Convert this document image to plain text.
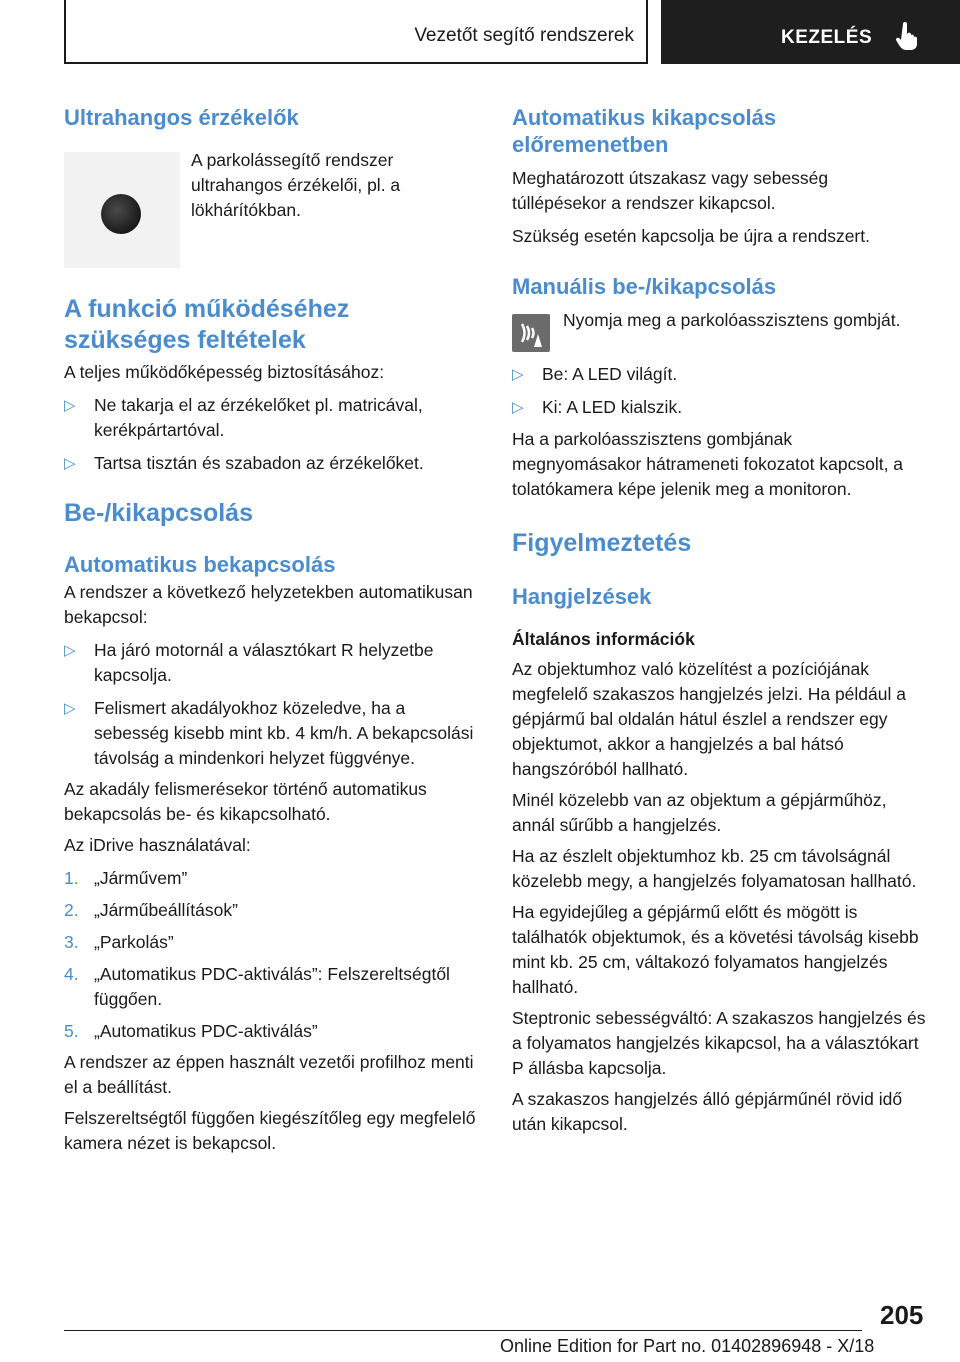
Vezetőt segítő rendszerek	KEZELÉS
Ultrahangos érzékelők

A parkolássegítő rendszer ultrahangos érzékelői, pl. a lökhárítókban.

A funkció működéséhez szükséges feltételek

A teljes működőképesség biztosításához:

▷ Ne takarja el az érzékelőket pl. matricával, kerékpártartóval.
▷ Tartsa tisztán és szabadon az érzékelőket.
Be-/kikapcsolás
Automatikus bekapcsolás

A rendszer a következő helyzetekben automatikusan bekapcsol:

▷ Ha járó motornál a választókart R helyzetbe kapcsolja.
▷ Felismert akadályokhoz közeledve, ha a sebesség kisebb mint kb. 4 km/h. A bekapcsolási távolság a mindenkori helyzet függvénye.

Az akadály felismerésekor történő automatikus bekapcsolás be- és kikapcsolható.

Az iDrive használatával:

1. „Járművem”
2. „Járműbeállítások”
3. „Parkolás”
4. „Automatikus PDC-aktiválás”: Felszereltségtől függően.
5. „Automatikus PDC-aktiválás”

A rendszer az éppen használt vezetői profilhoz menti el a beállítást.

Felszereltségtől függően kiegészítőleg egy megfelelő kamera nézet is bekapcsol.

Automatikus kikapcsolás előremenetben

Meghatározott útszakasz vagy sebesség túllépésekor a rendszer kikapcsol.

Szükség esetén kapcsolja be újra a rendszert.

Manuális be-/kikapcsolás

Nyomja meg a parkolóasszisztens gombját.

▷ Be: A LED világít.
▷ Ki: A LED kialszik.

Ha a parkolóasszisztens gombjának megnyomásakor hátrameneti fokozatot kapcsolt, a tolatókamera képe jelenik meg a monitoron.

Figyelmeztetés
Hangjelzések

Általános információk

Az objektumhoz való közelítést a pozíciójának megfelelő szakaszos hangjelzés jelzi. Ha például a gépjármű bal oldalán hátul észlel a rendszer egy objektumot, akkor a hangjelzés a bal hátsó hangszóróból hallható.

Minél közelebb van az objektum a gépjárműhöz, annál sűrűbb a hangjelzés.

Ha az észlelt objektumhoz kb. 25 cm távolságnál közelebb megy, a hangjelzés folyamatosan hallható.

Ha egyidejűleg a gépjármű előtt és mögött is találhatók objektumok, és a követési távolság kisebb mint kb. 25 cm, váltakozó folyamatos hangjelzés hallható.

Steptronic sebességváltó: A szakaszos hangjelzés és a folyamatos hangjelzés kikapcsol, ha a választókart P állásba kapcsolja.

A szakaszos hangjelzés álló gépjárműnél rövid idő után kikapcsol.

205
Online Edition for Part no. 01402896948 - X/18
